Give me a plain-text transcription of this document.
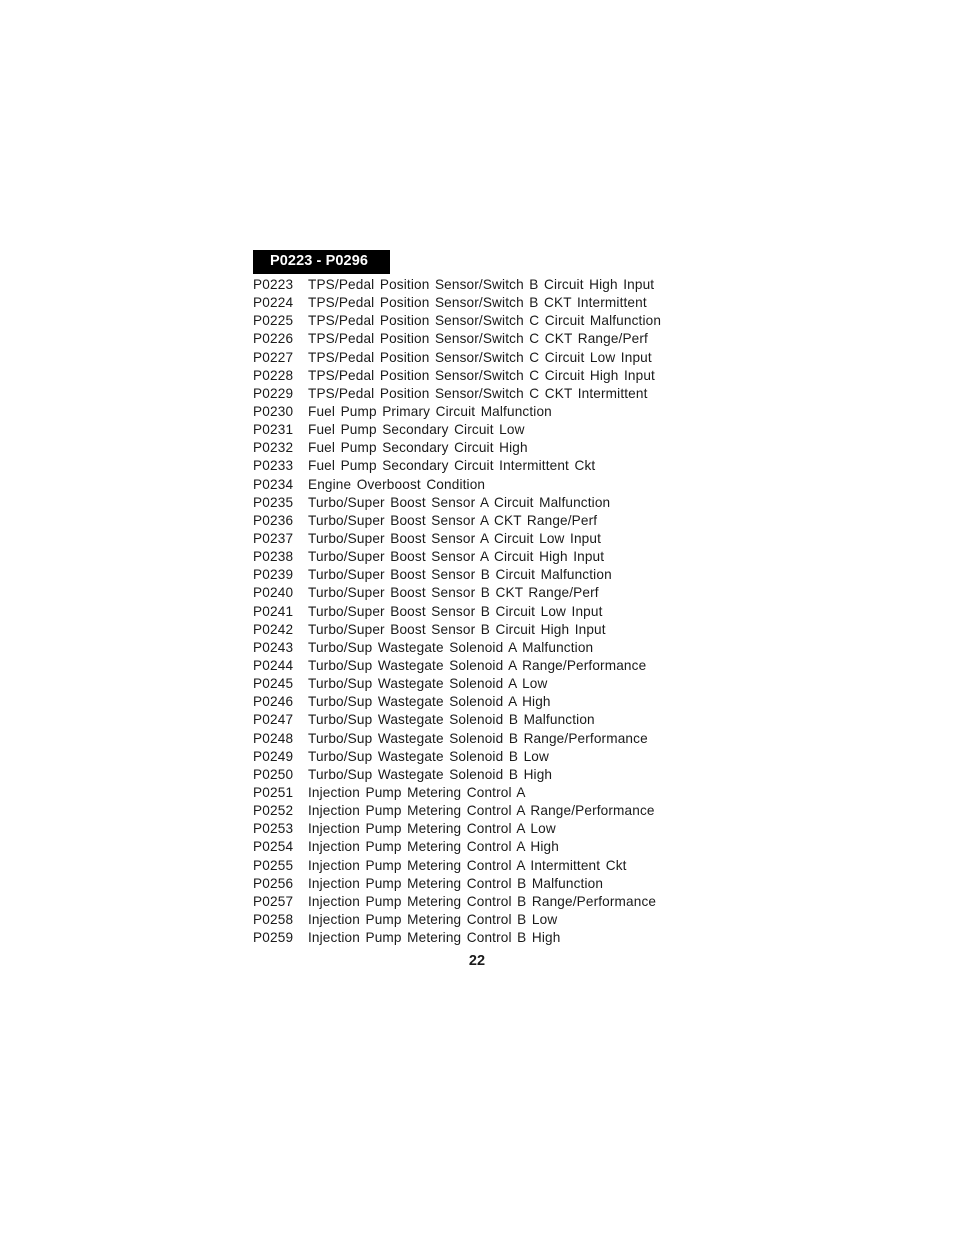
P0223 - P0296
P0223	TPS/Pedal Position Sensor/Switch B Circuit High Input
P0224	TPS/Pedal Position Sensor/Switch B CKT Intermittent
P0225	TPS/Pedal Position Sensor/Switch C Circuit Malfunction
P0226	TPS/Pedal Position Sensor/Switch C CKT Range/Perf
P0227	TPS/Pedal Position Sensor/Switch C Circuit Low Input
P0228	TPS/Pedal Position Sensor/Switch C Circuit High Input
P0229	TPS/Pedal Position Sensor/Switch C CKT Intermittent
P0230	Fuel Pump Primary Circuit Malfunction
P0231	Fuel Pump Secondary Circuit Low
P0232	Fuel Pump Secondary Circuit High
P0233	Fuel Pump Secondary Circuit Intermittent Ckt
P0234	Engine Overboost Condition
P0235	Turbo/Super Boost Sensor A Circuit Malfunction
P0236	Turbo/Super Boost Sensor A CKT Range/Perf
P0237	Turbo/Super Boost Sensor A Circuit Low Input
P0238	Turbo/Super Boost Sensor A Circuit High Input
P0239	Turbo/Super Boost Sensor B Circuit Malfunction
P0240	Turbo/Super Boost Sensor B CKT Range/Perf
P0241	Turbo/Super Boost Sensor B Circuit Low Input
P0242	Turbo/Super Boost Sensor B Circuit High Input
P0243	Turbo/Sup Wastegate Solenoid A Malfunction
P0244	Turbo/Sup Wastegate Solenoid A Range/Performance
P0245	Turbo/Sup Wastegate Solenoid A Low
P0246	Turbo/Sup Wastegate Solenoid A High
P0247	Turbo/Sup Wastegate Solenoid B Malfunction
P0248	Turbo/Sup Wastegate Solenoid B Range/Performance
P0249	Turbo/Sup Wastegate Solenoid B Low
P0250	Turbo/Sup Wastegate Solenoid B High
P0251	Injection Pump Metering Control A
P0252	Injection Pump Metering Control A Range/Performance
P0253	Injection Pump Metering Control A Low
P0254	Injection Pump Metering Control A High
P0255	Injection Pump Metering Control A Intermittent Ckt
P0256	Injection Pump Metering Control B Malfunction
P0257	Injection Pump Metering Control B Range/Performance
P0258	Injection Pump Metering Control B Low
P0259	Injection Pump Metering Control B High
22
